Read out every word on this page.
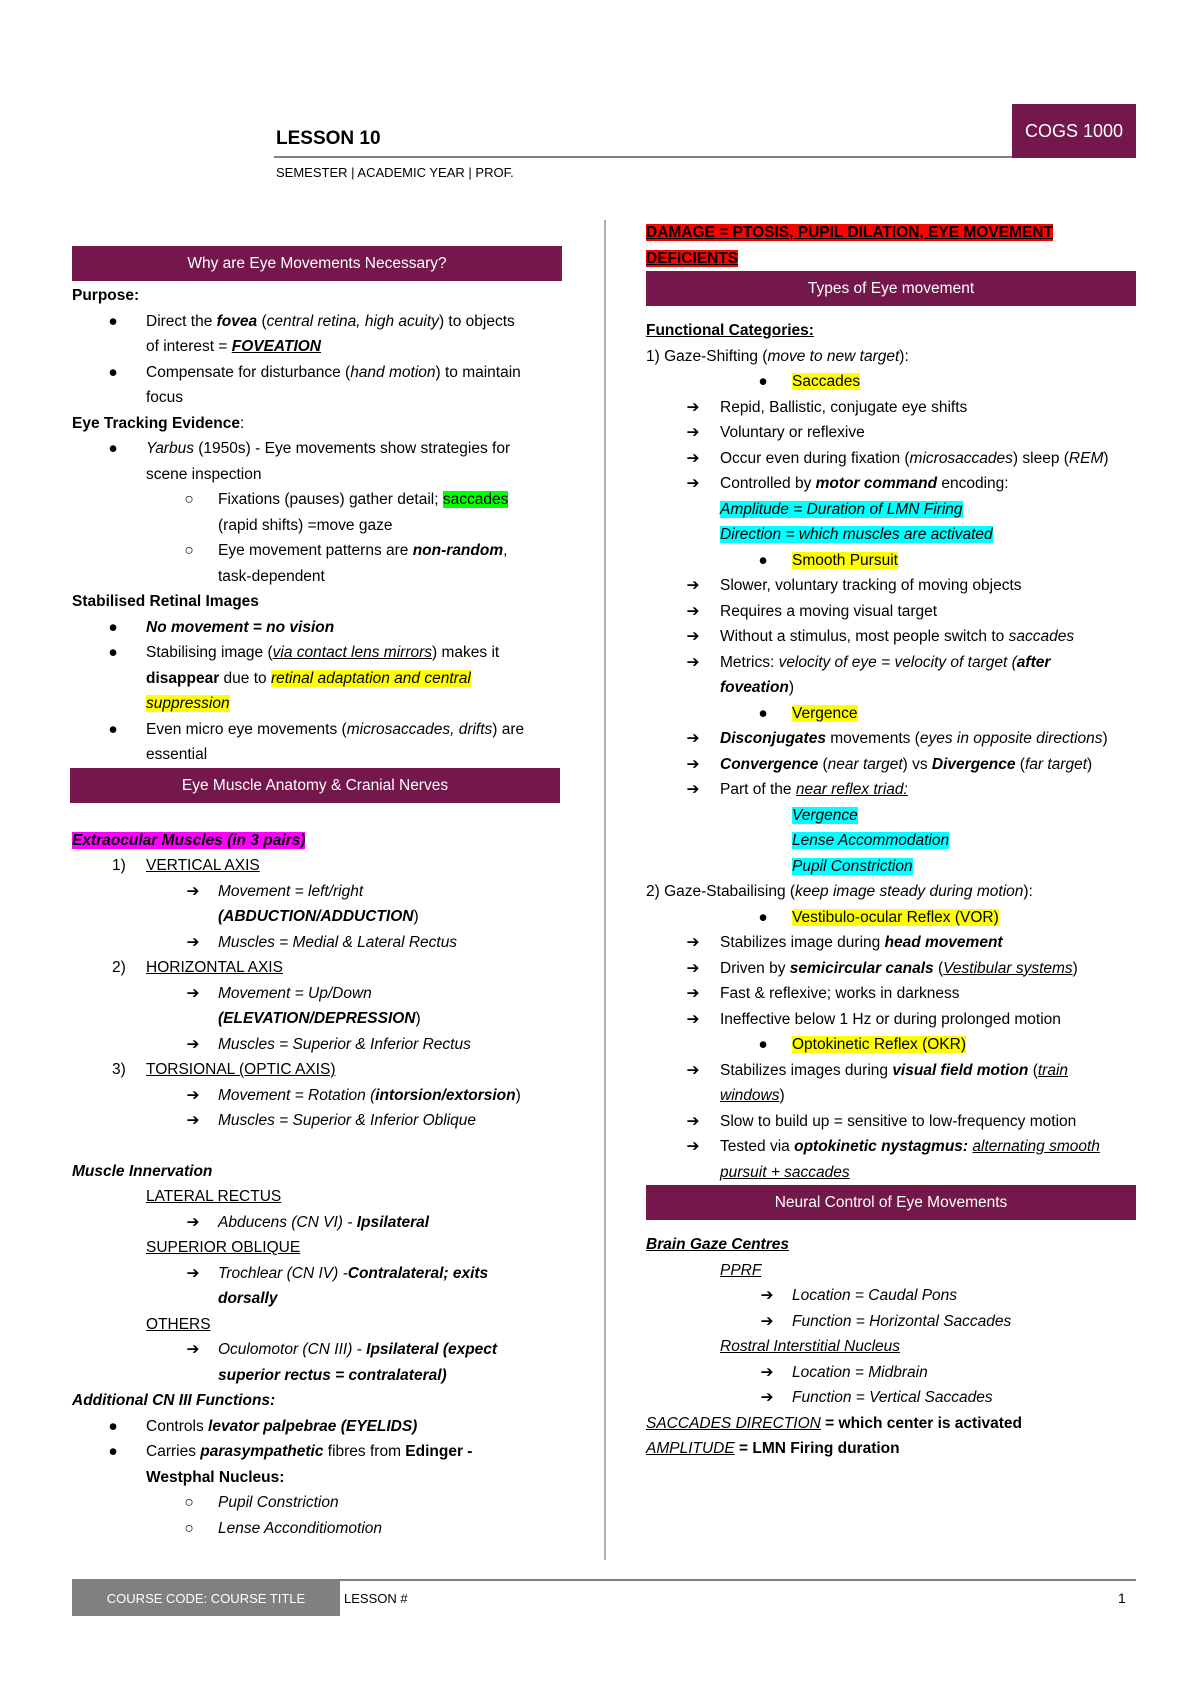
LESSON 10
SEMESTER | ACADEMIC YEAR | PROF.
COGS 1000
Why are Eye Movements Necessary?
Purpose:
● Direct the fovea (central retina, high acuity) to objects
of interest = FOVEATION
● Compensate for disturbance (hand motion) to maintain
focus
Eye Tracking Evidence:
● Yarbus (1950s) - Eye movements show strategies for
scene inspection
○ Fixations (pauses) gather detail; saccades
(rapid shifts) =move gaze
○ Eye movement patterns are non-random,
task-dependent
Stabilised Retinal Images
● No movement = no vision
● Stabilising image (via contact lens mirrors) makes it
disappear due to retinal adaptation and central
suppression
● Even micro eye movements (microsaccades, drifts) are
essential
Eye Muscle Anatomy & Cranial Nerves
Extraocular Muscles (in 3 pairs)
1) VERTICAL AXIS
➔ Movement = left/right
(ABDUCTION/ADDUCTION)
➔ Muscles = Medial & Lateral Rectus
2) HORIZONTAL AXIS
➔ Movement = Up/Down
(ELEVATION/DEPRESSION)
➔ Muscles = Superior & Inferior Rectus
3) TORSIONAL (OPTIC AXIS)
➔ Movement = Rotation (intorsion/extorsion)
➔ Muscles = Superior & Inferior Oblique
Muscle Innervation
LATERAL RECTUS
➔ Abducens (CN VI) - Ipsilateral
SUPERIOR OBLIQUE
➔ Trochlear (CN IV) -Contralateral; exits
dorsally
OTHERS
➔ Oculomotor (CN III) - Ipsilateral (expect
superior rectus = contralateral)
Additional CN III Functions:
● Controls levator palpebrae (EYELIDS)
● Carries parasympathetic fibres from Edinger -
Westphal Nucleus:
○ Pupil Constriction
○ Lense Acconditiomotion
DAMAGE = PTOSIS, PUPIL DILATION, EYE MOVEMENT
DEFICIENTS
Types of Eye movement
Functional Categories:
1) Gaze-Shifting (move to new target):
● Saccades
➔ Repid, Ballistic, conjugate eye shifts
➔ Voluntary or reflexive
➔ Occur even during fixation (microsaccades) sleep (REM)
➔ Controlled by motor command encoding:
Amplitude = Duration of LMN Firing
Direction = which muscles are activated
● Smooth Pursuit
➔ Slower, voluntary tracking of moving objects
➔ Requires a moving visual target
➔ Without a stimulus, most people switch to saccades
➔ Metrics: velocity of eye = velocity of target (after
foveation)
● Vergence
➔ Disconjugates movements (eyes in opposite directions)
➔ Convergence (near target) vs Divergence (far target)
➔ Part of the near reflex triad:
Vergence
Lense Accommodation
Pupil Constriction
2) Gaze-Stabailising (keep image steady during motion):
● Vestibulo-ocular Reflex (VOR)
➔ Stabilizes image during head movement
➔ Driven by semicircular canals (Vestibular systems)
➔ Fast & reflexive; works in darkness
➔ Ineffective below 1 Hz or during prolonged motion
● Optokinetic Reflex (OKR)
➔ Stabilizes images during visual field motion (train
windows)
➔ Slow to build up = sensitive to low-frequency motion
➔ Tested via optokinetic nystagmus: alternating smooth
pursuit + saccades
Neural Control of Eye Movements
Brain Gaze Centres
PPRF
➔ Location = Caudal Pons
➔ Function = Horizontal Saccades
Rostral Interstitial Nucleus
➔ Location = Midbrain
➔ Function = Vertical Saccades
SACCADES DIRECTION = which center is activated
AMPLITUDE = LMN Firing duration
COURSE CODE: COURSE TITLE	LESSON #	1
